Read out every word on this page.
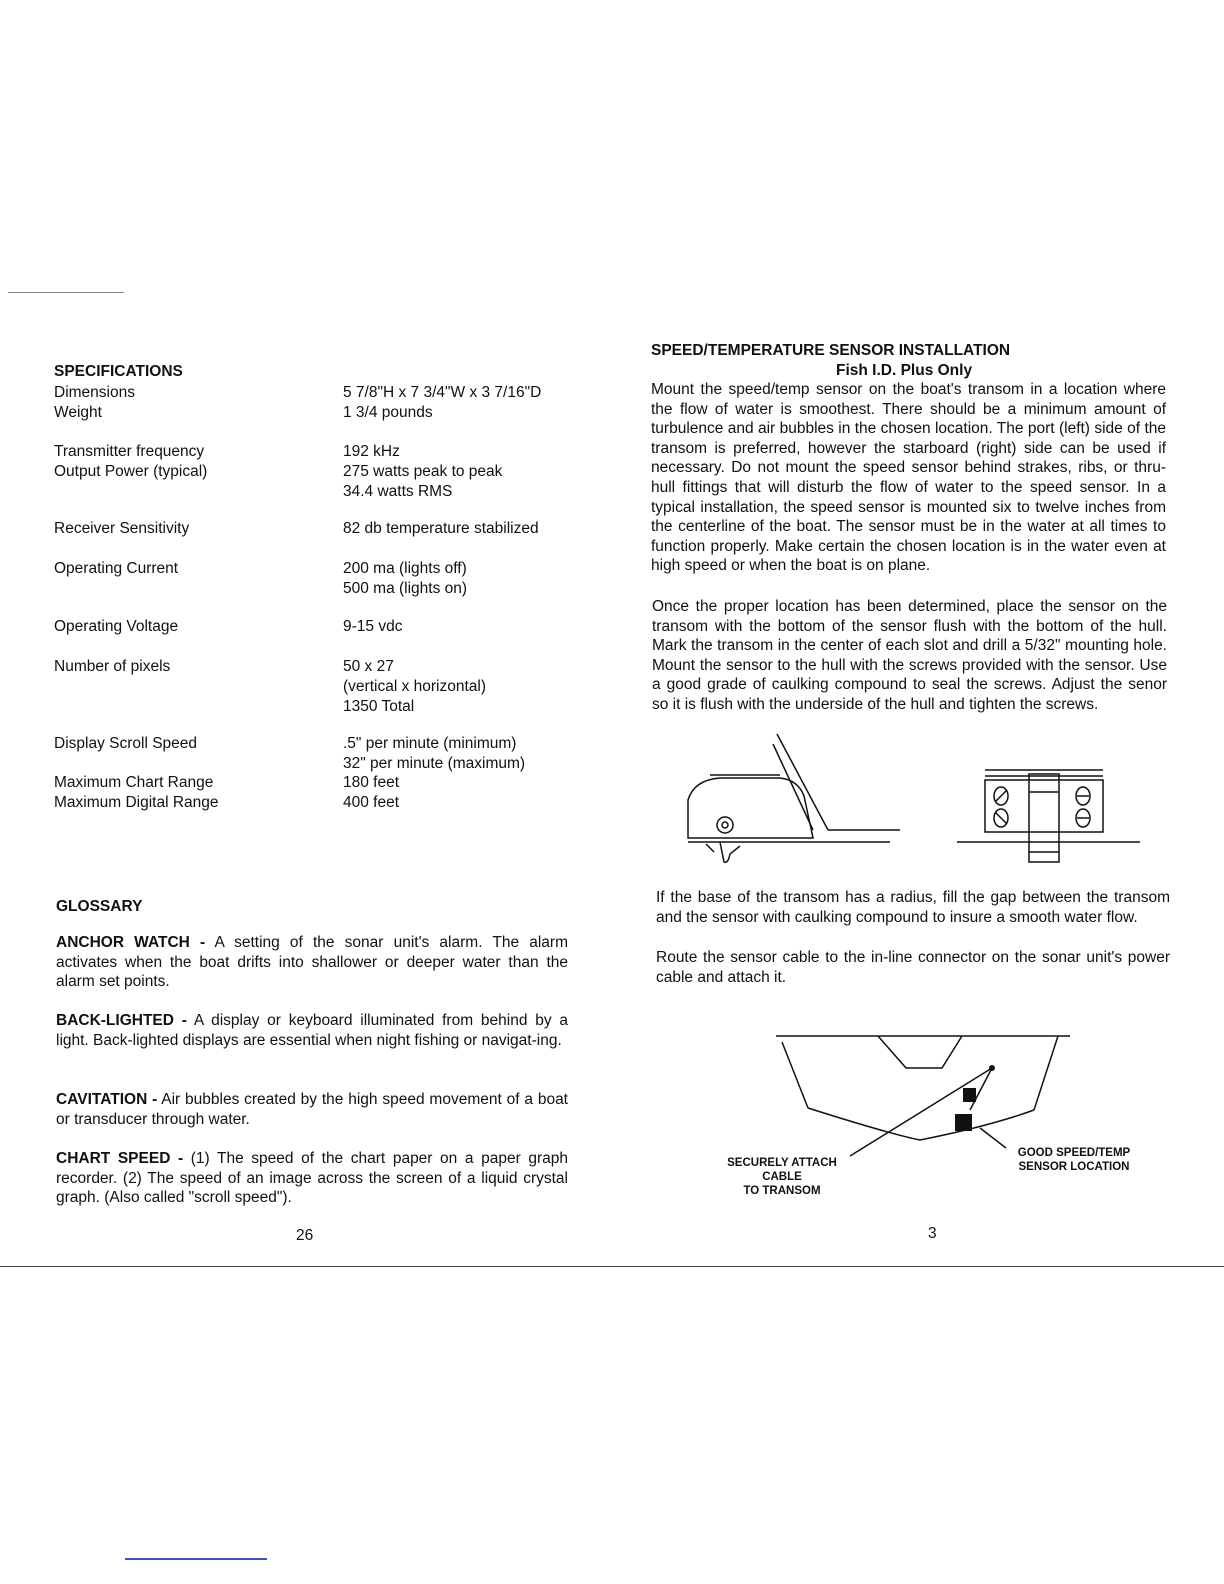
SPECIFICATIONS
Dimensions	5 7/8"H x 7 3/4"W x 3 7/16"D
Weight	1 3/4 pounds
Transmitter frequency	192 kHz
Output Power (typical)	275 watts peak to peak
34.4 watts RMS
Receiver Sensitivity	82 db temperature stabilized
Operating Current	200 ma (lights off)
500 ma (lights on)
Operating Voltage	9-15 vdc
Number of pixels	50 x 27
(vertical x horizontal)
1350 Total
Display Scroll Speed	.5" per minute (minimum)
32" per minute (maximum)
Maximum Chart Range	180 feet
Maximum Digital Range	400 feet
GLOSSARY
ANCHOR WATCH - A setting of the sonar unit's alarm. The alarm activates when the boat drifts into shallower or deeper water than the alarm set points.
BACK-LIGHTED - A display or keyboard illuminated from behind by a light. Back-lighted displays are essential when night fishing or navigat-ing.
CAVITATION - Air bubbles created by the high speed movement of a boat or transducer through water.
CHART SPEED - (1) The speed of the chart paper on a paper graph recorder. (2) The speed of an image across the screen of a liquid crystal graph. (Also called "scroll speed").
26
SPEED/TEMPERATURE SENSOR INSTALLATION
Fish I.D. Plus Only
Mount the speed/temp sensor on the boat's transom in a location where the flow of water is smoothest. There should be a minimum amount of turbulence and air bubbles in the chosen location. The port (left) side of the transom is preferred, however the starboard (right) side can be used if necessary. Do not mount the speed sensor behind strakes, ribs, or thru-hull fittings that will disturb the flow of water to the speed sensor. In a typical installation, the speed sensor is mounted six to twelve inches from the centerline of the boat. The sensor must be in the water at all times to function properly. Make certain the chosen location is in the water even at high speed or when the boat is on plane.
Once the proper location has been determined, place the sensor on the transom with the bottom of the sensor flush with the bottom of the hull. Mark the transom in the center of each slot and drill a 5/32" mounting hole. Mount the sensor to the hull with the screws provided with the sensor. Use a good grade of caulking compound to seal the screws. Adjust the senor so it is flush with the underside of the hull and tighten the screws.
If the base of the transom has a radius, fill the gap between the transom and the sensor with caulking compound to insure a smooth water flow.
Route the sensor cable to the in-line connector on the sonar unit's power cable and attach it.
SECURELY ATTACH
CABLE
TO TRANSOM
GOOD SPEED/TEMP
SENSOR LOCATION
3
